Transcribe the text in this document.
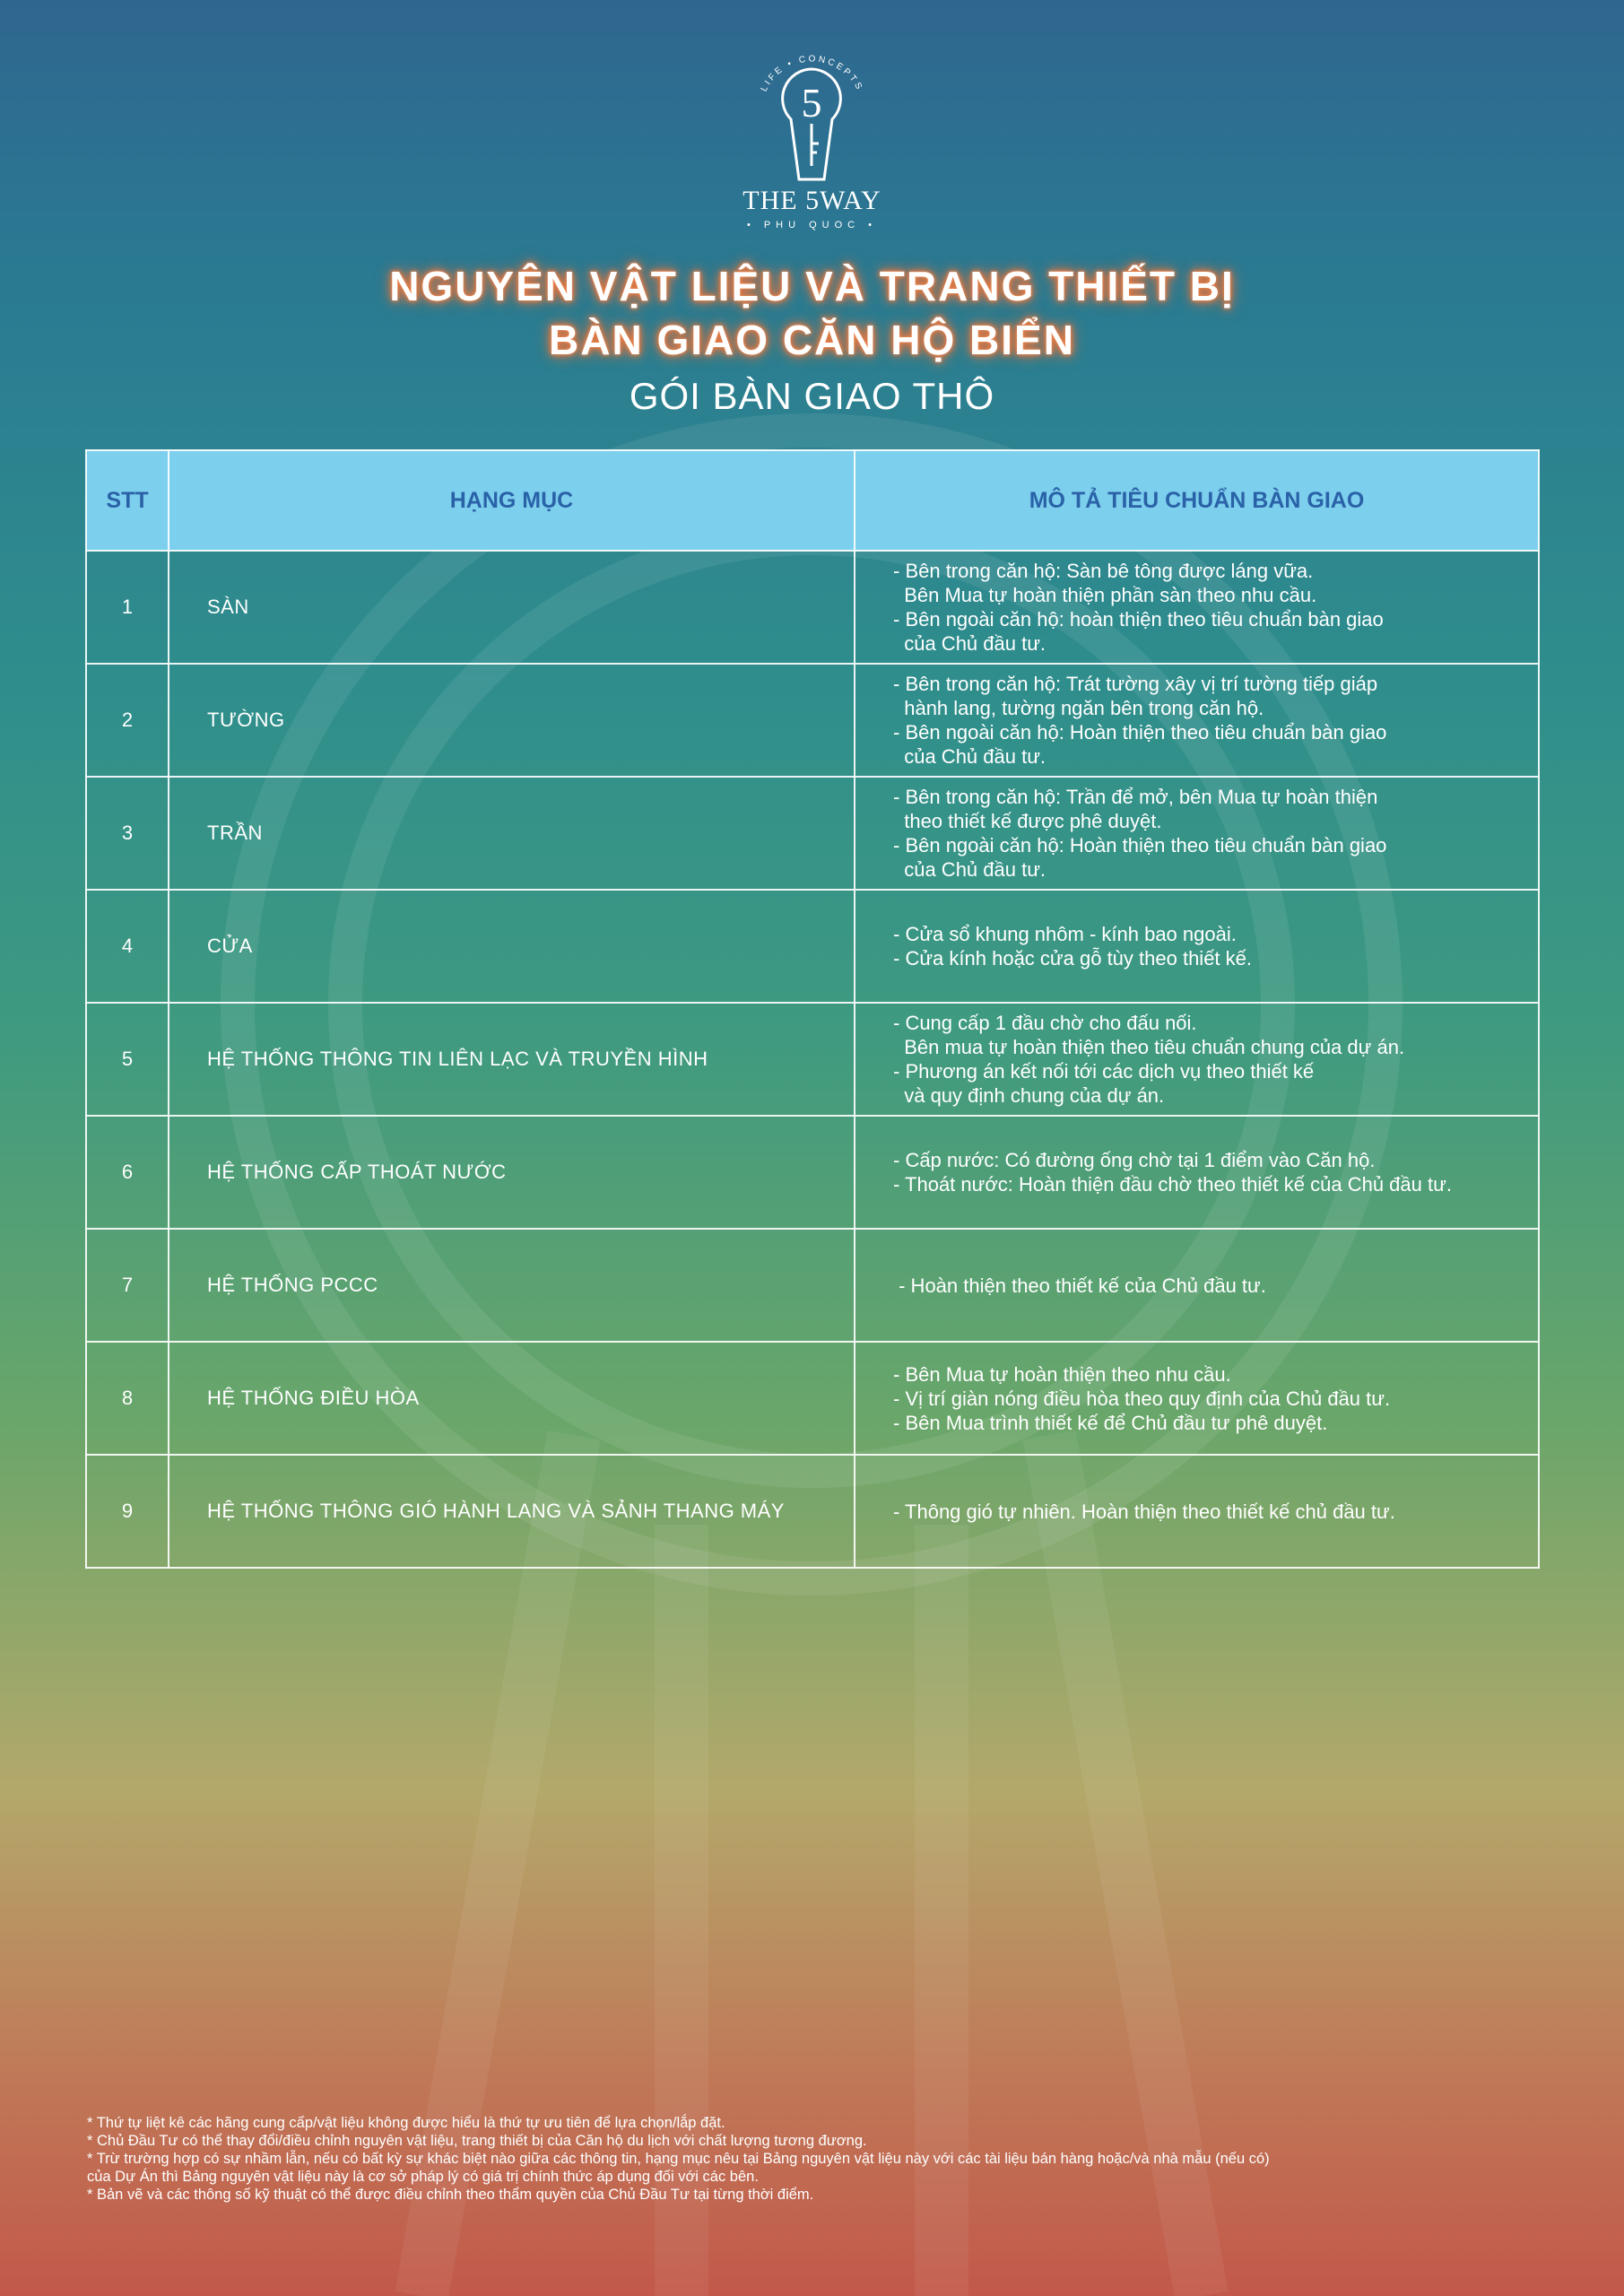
LIFE • CONCEPTS
5
THE 5WAY
• PHU QUOC •
NGUYÊN VẬT LIỆU VÀ TRANG THIẾT BỊ
BÀN GIAO CĂN HỘ BIỂN
GÓI BÀN GIAO THÔ
STT	HẠNG MỤC	MÔ TẢ TIÊU CHUẨN BÀN GIAO
1	SÀN	- Bên trong căn hộ: Sàn bê tông được láng vữa.
Bên Mua tự hoàn thiện phần sàn theo nhu cầu.
- Bên ngoài căn hộ: hoàn thiện theo tiêu chuẩn bàn giao
của Chủ đầu tư.

2	TƯỜNG	- Bên trong căn hộ: Trát tường xây vị trí tường tiếp giáp
hành lang, tường ngăn bên trong căn hộ.
- Bên ngoài căn hộ: Hoàn thiện theo tiêu chuẩn bàn giao
của Chủ đầu tư.

3	TRẦN	- Bên trong căn hộ: Trần để mở, bên Mua tự hoàn thiện
theo thiết kế được phê duyệt.
- Bên ngoài căn hộ: Hoàn thiện theo tiêu chuẩn bàn giao
của Chủ đầu tư.

4	CỬA	- Cửa sổ khung nhôm - kính bao ngoài.
- Cửa kính hoặc cửa gỗ tùy theo thiết kế.

5	HỆ THỐNG THÔNG TIN LIÊN LẠC VÀ TRUYỀN HÌNH	- Cung cấp 1 đầu chờ cho đấu nối.
Bên mua tự hoàn thiện theo tiêu chuẩn chung của dự án.
- Phương án kết nối tới các dịch vụ theo thiết kế
và quy định chung của dự án.

6	HỆ THỐNG CẤP THOÁT NƯỚC	- Cấp nước: Có đường ống chờ tại 1 điểm vào Căn hộ.
- Thoát nước: Hoàn thiện đầu chờ theo thiết kế của Chủ đầu tư.

7	HỆ THỐNG PCCC	- Hoàn thiện theo thiết kế của Chủ đầu tư.

8	HỆ THỐNG ĐIỀU HÒA	- Bên Mua tự hoàn thiện theo nhu cầu.
- Vị trí giàn nóng điều hòa theo quy định của Chủ đầu tư.
- Bên Mua trình thiết kế để Chủ đầu tư phê duyệt.

9	HỆ THỐNG THÔNG GIÓ HÀNH LANG VÀ SẢNH THANG MÁY	- Thông gió tự nhiên. Hoàn thiện theo thiết kế chủ đầu tư.
* Thứ tự liệt kê các hãng cung cấp/vật liệu không được hiểu là thứ tự ưu tiên để lựa chọn/lắp đặt.
* Chủ Đầu Tư có thể thay đổi/điều chỉnh nguyên vật liệu, trang thiết bị của Căn hộ du lịch với chất lượng tương đương.
* Trừ trường hợp có sự nhầm lẫn, nếu có bất kỳ sự khác biệt nào giữa các thông tin, hạng mục nêu tại Bảng nguyên vật liệu này với các tài liệu bán hàng hoặc/và nhà mẫu (nếu có)
của Dự Án thì Bảng nguyên vật liệu này là cơ sở pháp lý có giá trị chính thức áp dụng đối với các bên.
* Bản vẽ và các thông số kỹ thuật có thể được điều chỉnh theo thẩm quyền của Chủ Đầu Tư tại từng thời điểm.
